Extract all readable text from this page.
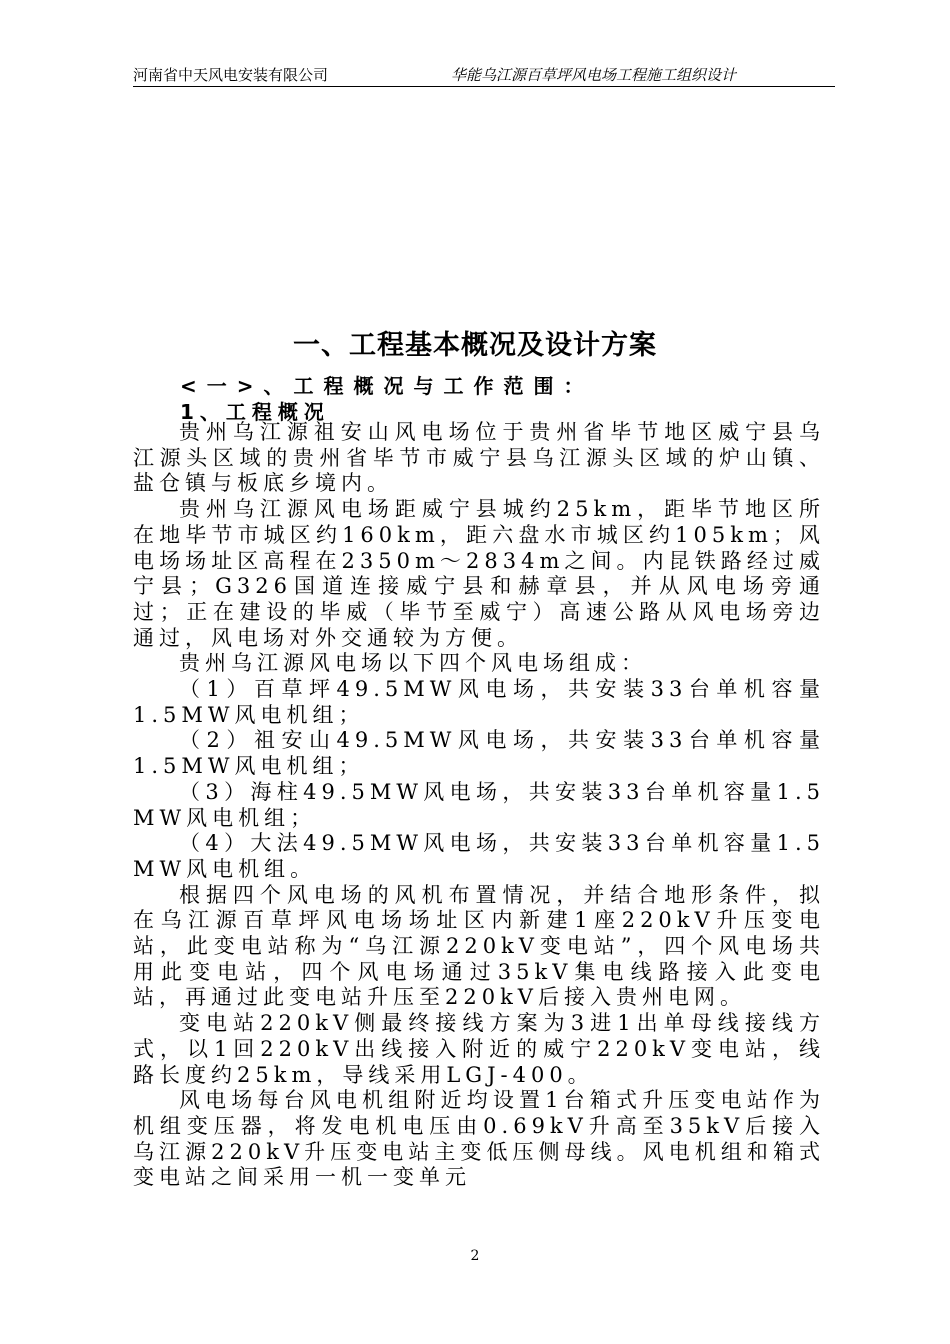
河南省中天风电安装有限公司	华能乌江源百草坪风电场工程施工组织设计
一、工程基本概况及设计方案
<一>、工程概况与工作范围：
1、工程概况

贵州乌江源祖安山风电场位于贵州省毕节地区威宁县乌江源头区域的贵州省毕节市威宁县乌江源头区域的炉山镇、盐仓镇与板底乡境内。

贵州乌江源风电场距威宁县城约25km，距毕节地区所在地毕节市城区约160km，距六盘水市城区约105km；风电场场址区高程在2350m～2834m之间。内昆铁路经过威宁县；G326国道连接威宁县和赫章县，并从风电场旁通过；正在建设的毕威（毕节至威宁）高速公路从风电场旁边通过，风电场对外交通较为方便。

贵州乌江源风电场以下四个风电场组成：

（1）百草坪49.5MW风电场，共安装33台单机容量1.5MW风电机组；

（2）祖安山49.5MW风电场，共安装33台单机容量1.5MW风电机组；

（3）海柱49.5MW风电场，共安装33台单机容量1.5MW风电机组；

（4）大法49.5MW风电场，共安装33台单机容量1.5MW风电机组。

根据四个风电场的风机布置情况，并结合地形条件，拟在乌江源百草坪风电场场址区内新建1座220kV升压变电站，此变电站称为“乌江源220kV变电站”，四个风电场共用此变电站，四个风电场通过35kV集电线路接入此变电站，再通过此变电站升压至220kV后接入贵州电网。

变电站220kV侧最终接线方案为3进1出单母线接线方式，以1回220kV出线接入附近的威宁220kV变电站，线路长度约25km，导线采用LGJ-400。

风电场每台风电机组附近均设置1台箱式升压变电站作为机组变压器，将发电机电压由0.69kV升高至35kV后接入乌江源220kV升压变电站主变低压侧母线。风电机组和箱式变电站之间采用一机一变单元

2
